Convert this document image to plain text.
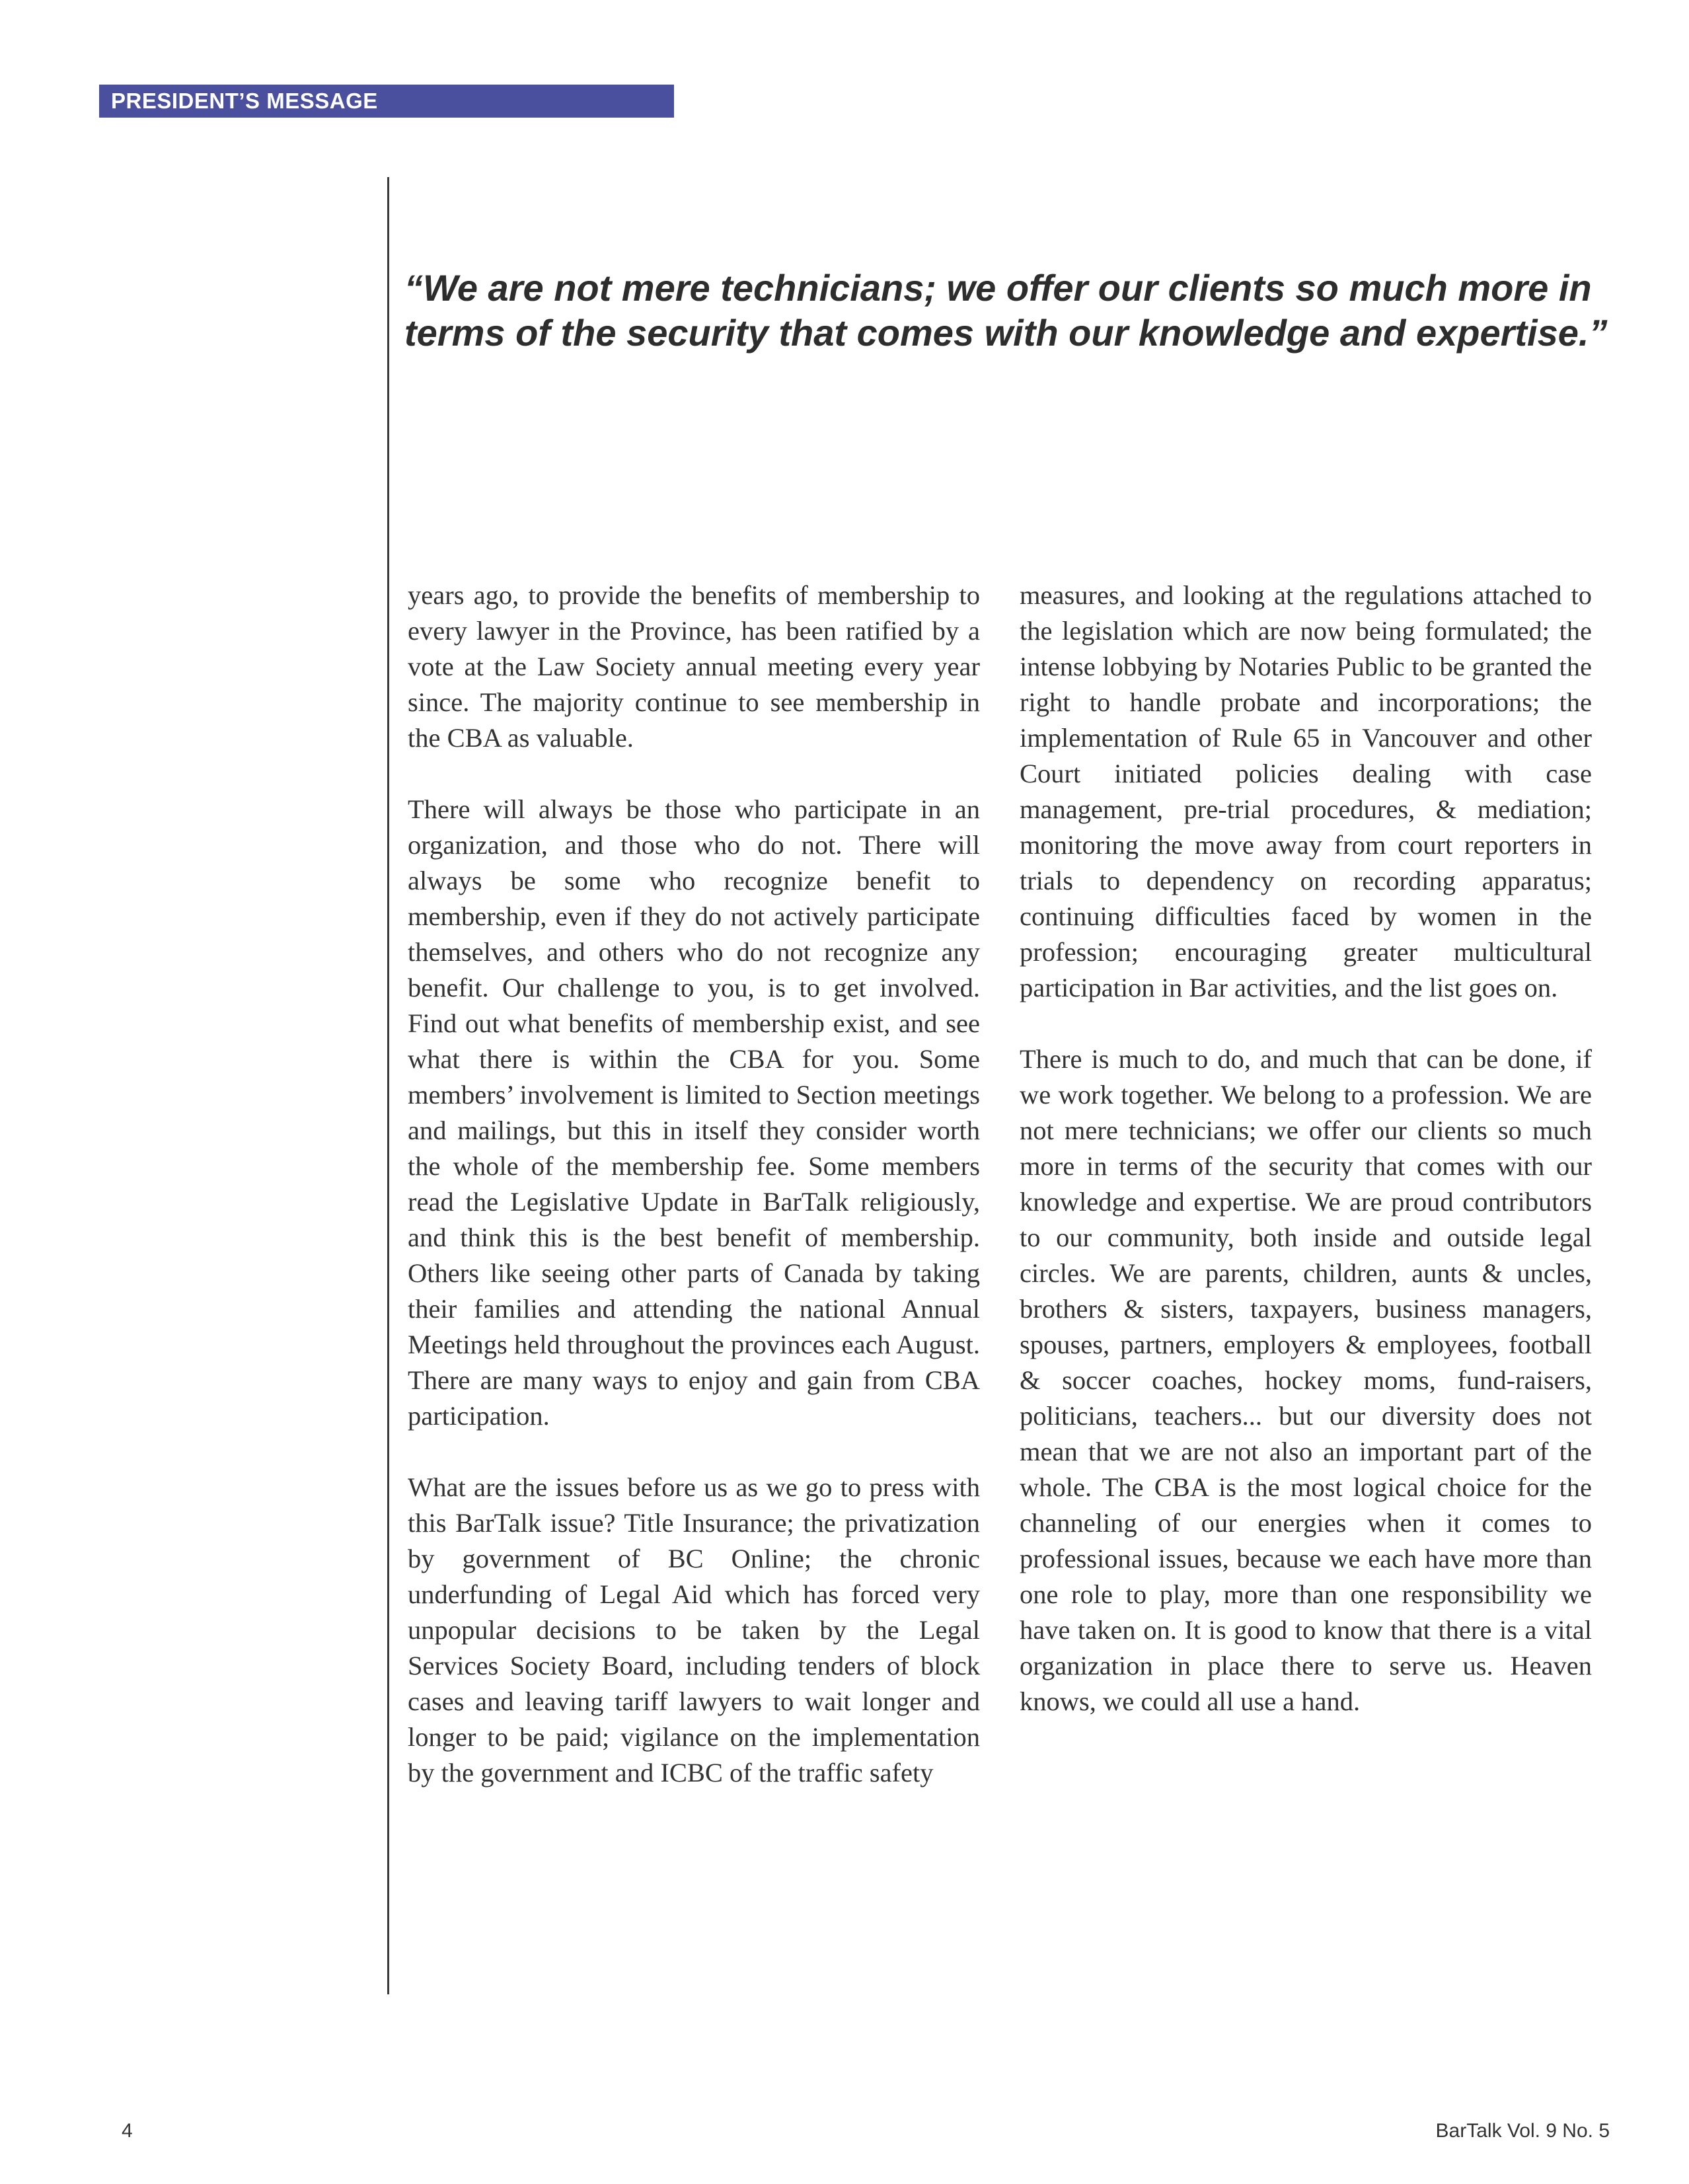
PRESIDENT’S MESSAGE

“We are not mere technicians; we offer our clients so much more in terms of the security that comes with our knowledge and expertise.”

years ago, to provide the benefits of membership to every lawyer in the Province, has been ratified by a vote at the Law Society annual meeting every year since. The majority continue to see membership in the CBA as valuable.

There will always be those who participate in an organization, and those who do not. There will always be some who recognize benefit to membership, even if they do not actively participate themselves, and others who do not recognize any benefit. Our challenge to you, is to get involved. Find out what benefits of membership exist, and see what there is within the CBA for you. Some members’ involvement is limited to Section meetings and mailings, but this in itself they consider worth the whole of the membership fee. Some members read the Legislative Update in BarTalk religiously, and think this is the best benefit of membership. Others like seeing other parts of Canada by taking their families and attending the national Annual Meetings held throughout the provinces each August. There are many ways to enjoy and gain from CBA participation.

What are the issues before us as we go to press with this BarTalk issue? Title Insurance; the privatization by government of BC Online; the chronic underfunding of Legal Aid which has forced very unpopular decisions to be taken by the Legal Services Society Board, including tenders of block cases and leaving tariff lawyers to wait longer and longer to be paid; vigilance on the implementation by the government and ICBC of the traffic safety

measures, and looking at the regulations attached to the legislation which are now being formulated; the intense lobbying by Notaries Public to be granted the right to handle probate and incorporations; the implementation of Rule 65 in Vancouver and other Court initiated policies dealing with case management, pre-trial procedures, & mediation; monitoring the move away from court reporters in trials to dependency on recording apparatus; continuing difficulties faced by women in the profession; encouraging greater multicultural participation in Bar activities, and the list goes on.

There is much to do, and much that can be done, if we work together. We belong to a profession. We are not mere technicians; we offer our clients so much more in terms of the security that comes with our knowledge and expertise. We are proud contributors to our community, both inside and outside legal circles. We are parents, children, aunts & uncles, brothers & sisters, taxpayers, business managers, spouses, partners, employers & employees, football & soccer coaches, hockey moms, fund-raisers, politicians, teachers... but our diversity does not mean that we are not also an important part of the whole. The CBA is the most logical choice for the channeling of our energies when it comes to professional issues, because we each have more than one role to play, more than one responsibility we have taken on. It is good to know that there is a vital organization in place there to serve us. Heaven knows, we could all use a hand.

4	BarTalk Vol. 9 No. 5
